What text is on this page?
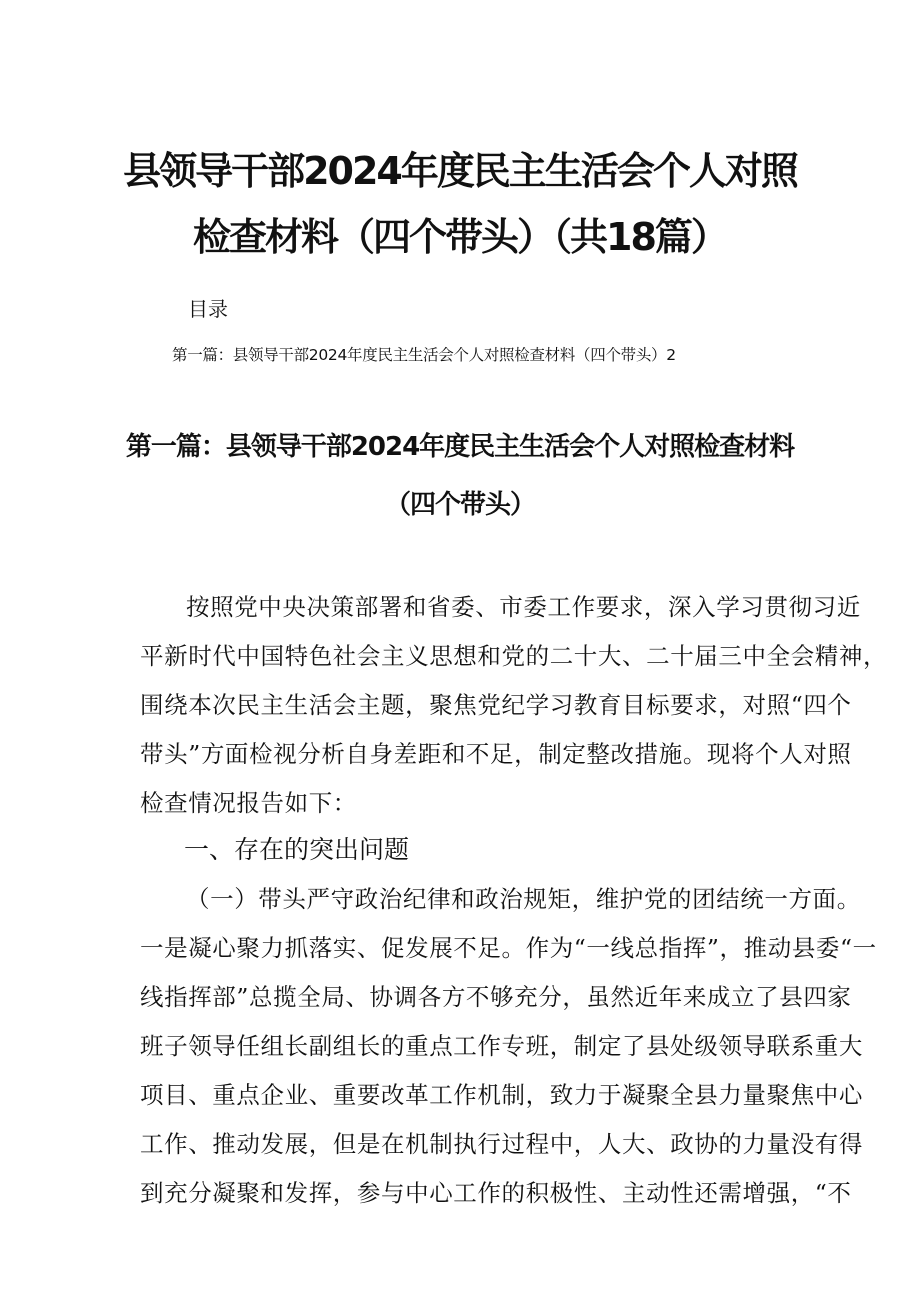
县领导干部2024年度民主生活会个人对照
检查材料（四个带头）（共18篇）

目录

第一篇：县领导干部2024年度民主生活会个人对照检查材料（四个带头）2

第一篇：县领导干部2024年度民主生活会个人对照检查材料
（四个带头）

按照党中央决策部署和省委、市委工作要求，深入学习贯彻习近

平新时代中国特色社会主义思想和党的二十大、二十届三中全会精神，

围绕本次民主生活会主题，聚焦党纪学习教育目标要求，对照“四个

带头”方面检视分析自身差距和不足，制定整改措施。现将个人对照

检查情况报告如下：

一、存在的突出问题

（一）带头严守政治纪律和政治规矩，维护党的团结统一方面。

一是凝心聚力抓落实、促发展不足。作为“一线总指挥”，推动县委“一

线指挥部”总揽全局、协调各方不够充分，虽然近年来成立了县四家

班子领导任组长副组长的重点工作专班，制定了县处级领导联系重大

项目、重点企业、重要改革工作机制，致力于凝聚全县力量聚焦中心

工作、推动发展，但是在机制执行过程中，人大、政协的力量没有得

到充分凝聚和发挥，参与中心工作的积极性、主动性还需增强，“不
